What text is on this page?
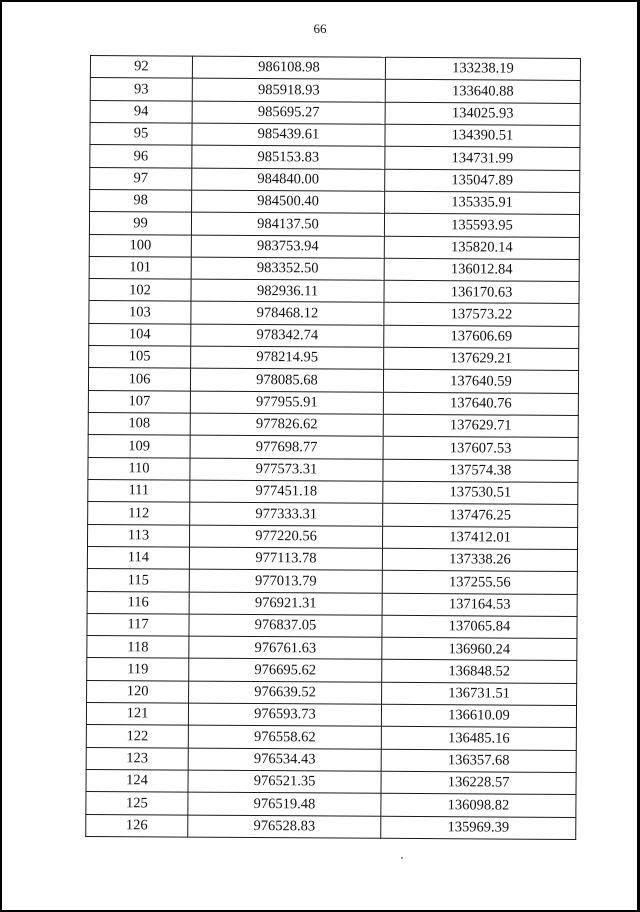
66
92	986108.98	133238.19
93	985918.93	133640.88
94	985695.27	134025.93
95	985439.61	134390.51
96	985153.83	134731.99
97	984840.00	135047.89
98	984500.40	135335.91
99	984137.50	135593.95
100	983753.94	135820.14
101	983352.50	136012.84
102	982936.11	136170.63
103	978468.12	137573.22
104	978342.74	137606.69
105	978214.95	137629.21
106	978085.68	137640.59
107	977955.91	137640.76
108	977826.62	137629.71
109	977698.77	137607.53
110	977573.31	137574.38
111	977451.18	137530.51
112	977333.31	137476.25
113	977220.56	137412.01
114	977113.78	137338.26
115	977013.79	137255.56
116	976921.31	137164.53
117	976837.05	137065.84
118	976761.63	136960.24
119	976695.62	136848.52
120	976639.52	136731.51
121	976593.73	136610.09
122	976558.62	136485.16
123	976534.43	136357.68
124	976521.35	136228.57
125	976519.48	136098.82
126	976528.83	135969.39
